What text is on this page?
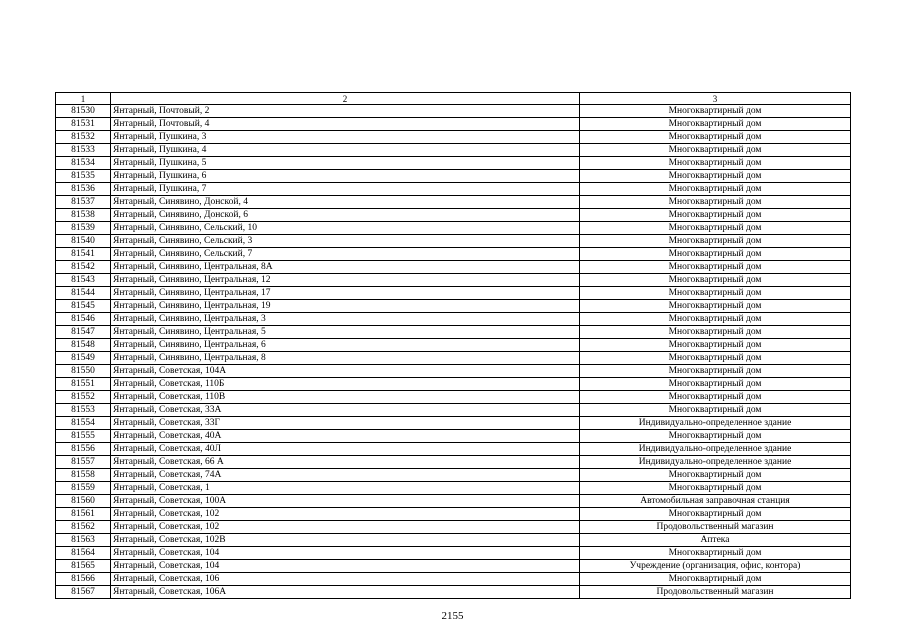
1	2	3
81530	Янтарный, Почтовый, 2	Многоквартирный дом
81531	Янтарный, Почтовый, 4	Многоквартирный дом
81532	Янтарный, Пушкина, 3	Многоквартирный дом
81533	Янтарный, Пушкина, 4	Многоквартирный дом
81534	Янтарный, Пушкина, 5	Многоквартирный дом
81535	Янтарный, Пушкина, 6	Многоквартирный дом
81536	Янтарный, Пушкина, 7	Многоквартирный дом
81537	Янтарный, Синявино, Донской, 4	Многоквартирный дом
81538	Янтарный, Синявино, Донской, 6	Многоквартирный дом
81539	Янтарный, Синявино, Сельский, 10	Многоквартирный дом
81540	Янтарный, Синявино, Сельский, 3	Многоквартирный дом
81541	Янтарный, Синявино, Сельский, 7	Многоквартирный дом
81542	Янтарный, Синявино, Центральная, 8А	Многоквартирный дом
81543	Янтарный, Синявино, Центральная, 12	Многоквартирный дом
81544	Янтарный, Синявино, Центральная, 17	Многоквартирный дом
81545	Янтарный, Синявино, Центральная, 19	Многоквартирный дом
81546	Янтарный, Синявино, Центральная, 3	Многоквартирный дом
81547	Янтарный, Синявино, Центральная, 5	Многоквартирный дом
81548	Янтарный, Синявино, Центральная, 6	Многоквартирный дом
81549	Янтарный, Синявино, Центральная, 8	Многоквартирный дом
81550	Янтарный, Советская, 104А	Многоквартирный дом
81551	Янтарный, Советская, 110Б	Многоквартирный дом
81552	Янтарный, Советская, 110В	Многоквартирный дом
81553	Янтарный, Советская, 33А	Многоквартирный дом
81554	Янтарный, Советская, 33Г	Индивидуально-определенное здание
81555	Янтарный, Советская, 40А	Многоквартирный дом
81556	Янтарный, Советская, 40Л	Индивидуально-определенное здание
81557	Янтарный, Советская, 66 А	Индивидуально-определенное здание
81558	Янтарный, Советская, 74А	Многоквартирный дом
81559	Янтарный, Советская, 1	Многоквартирный дом
81560	Янтарный, Советская, 100А	Автомобильная заправочная станция
81561	Янтарный, Советская, 102	Многоквартирный дом
81562	Янтарный, Советская, 102	Продовольственный магазин
81563	Янтарный, Советская, 102В	Аптека
81564	Янтарный, Советская, 104	Многоквартирный дом
81565	Янтарный, Советская, 104	Учреждение (организация, офис, контора)
81566	Янтарный, Советская, 106	Многоквартирный дом
81567	Янтарный, Советская, 106А	Продовольственный магазин
2155
